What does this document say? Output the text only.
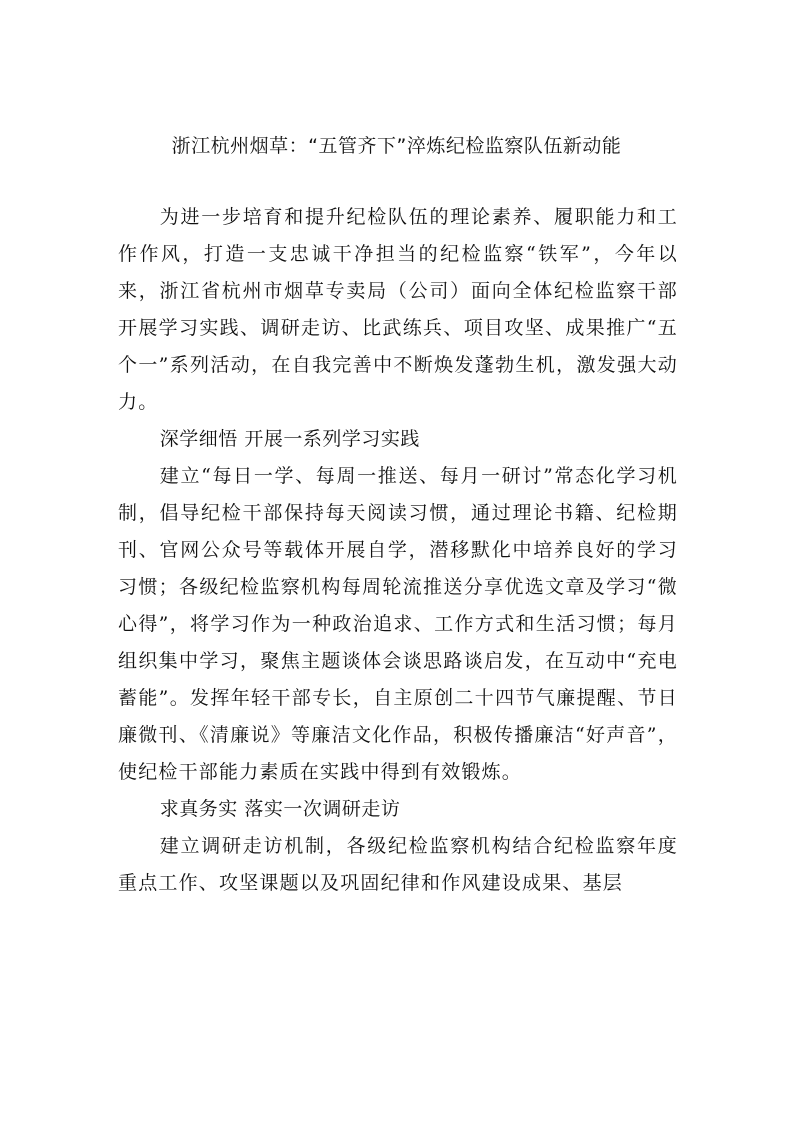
浙江杭州烟草：“五管齐下”淬炼纪检监察队伍新动能

为进一步培育和提升纪检队伍的理论素养、履职能力和工作作风，打造一支忠诚干净担当的纪检监察“铁军”，今年以来，浙江省杭州市烟草专卖局（公司）面向全体纪检监察干部开展学习实践、调研走访、比武练兵、项目攻坚、成果推广“五个一”系列活动，在自我完善中不断焕发蓬勃生机，激发强大动力。

深学细悟 开展一系列学习实践

建立“每日一学、每周一推送、每月一研讨”常态化学习机制，倡导纪检干部保持每天阅读习惯，通过理论书籍、纪检期刊、官网公众号等载体开展自学，潜移默化中培养良好的学习习惯；各级纪检监察机构每周轮流推送分享优选文章及学习“微心得”，将学习作为一种政治追求、工作方式和生活习惯；每月组织集中学习，聚焦主题谈体会谈思路谈启发，在互动中“充电蓄能”。发挥年轻干部专长，自主原创二十四节气廉提醒、节日廉微刊、《清廉说》等廉洁文化作品，积极传播廉洁“好声音”，使纪检干部能力素质在实践中得到有效锻炼。

求真务实 落实一次调研走访

建立调研走访机制，各级纪检监察机构结合纪检监察年度重点工作、攻坚课题以及巩固纪律和作风建设成果、基层
